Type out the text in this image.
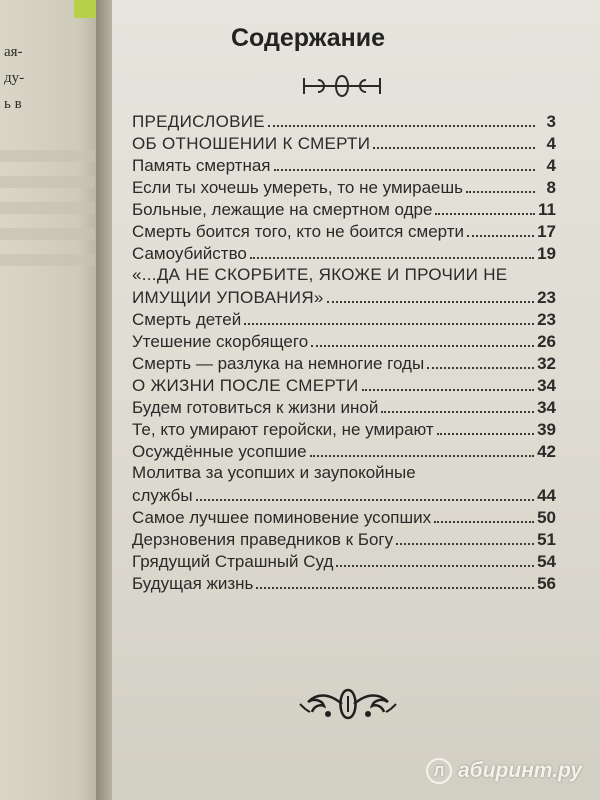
ая-
ду-
ь в
Содержание
ПРЕДИСЛОВИЕ	3
ОБ ОТНОШЕНИИ К СМЕРТИ	4
Память смертная	4
Если ты хочешь умереть, то не умираешь	8
Больные, лежащие на смертном одре	11
Смерть боится того, кто не боится смерти	17
Самоубийство	19
«...ДА НЕ СКОРБИТЕ, ЯКОЖЕ И ПРОЧИИ НЕ
ИМУЩИИ УПОВАНИЯ»	23
Смерть детей	23
Утешение скорбящего	26
Смерть — разлука на немногие годы	32
О ЖИЗНИ ПОСЛЕ СМЕРТИ	34
Будем готовиться к жизни иной	34
Те, кто умирают геройски, не умирают	39
Осуждённые усопшие	42
Молитва за усопших и заупокойные
службы	44
Самое лучшее поминовение усопших	50
Дерзновения праведников к Богу	51
Грядущий Страшный Суд	54
Будущая жизнь	56
Л абиринт.ру
